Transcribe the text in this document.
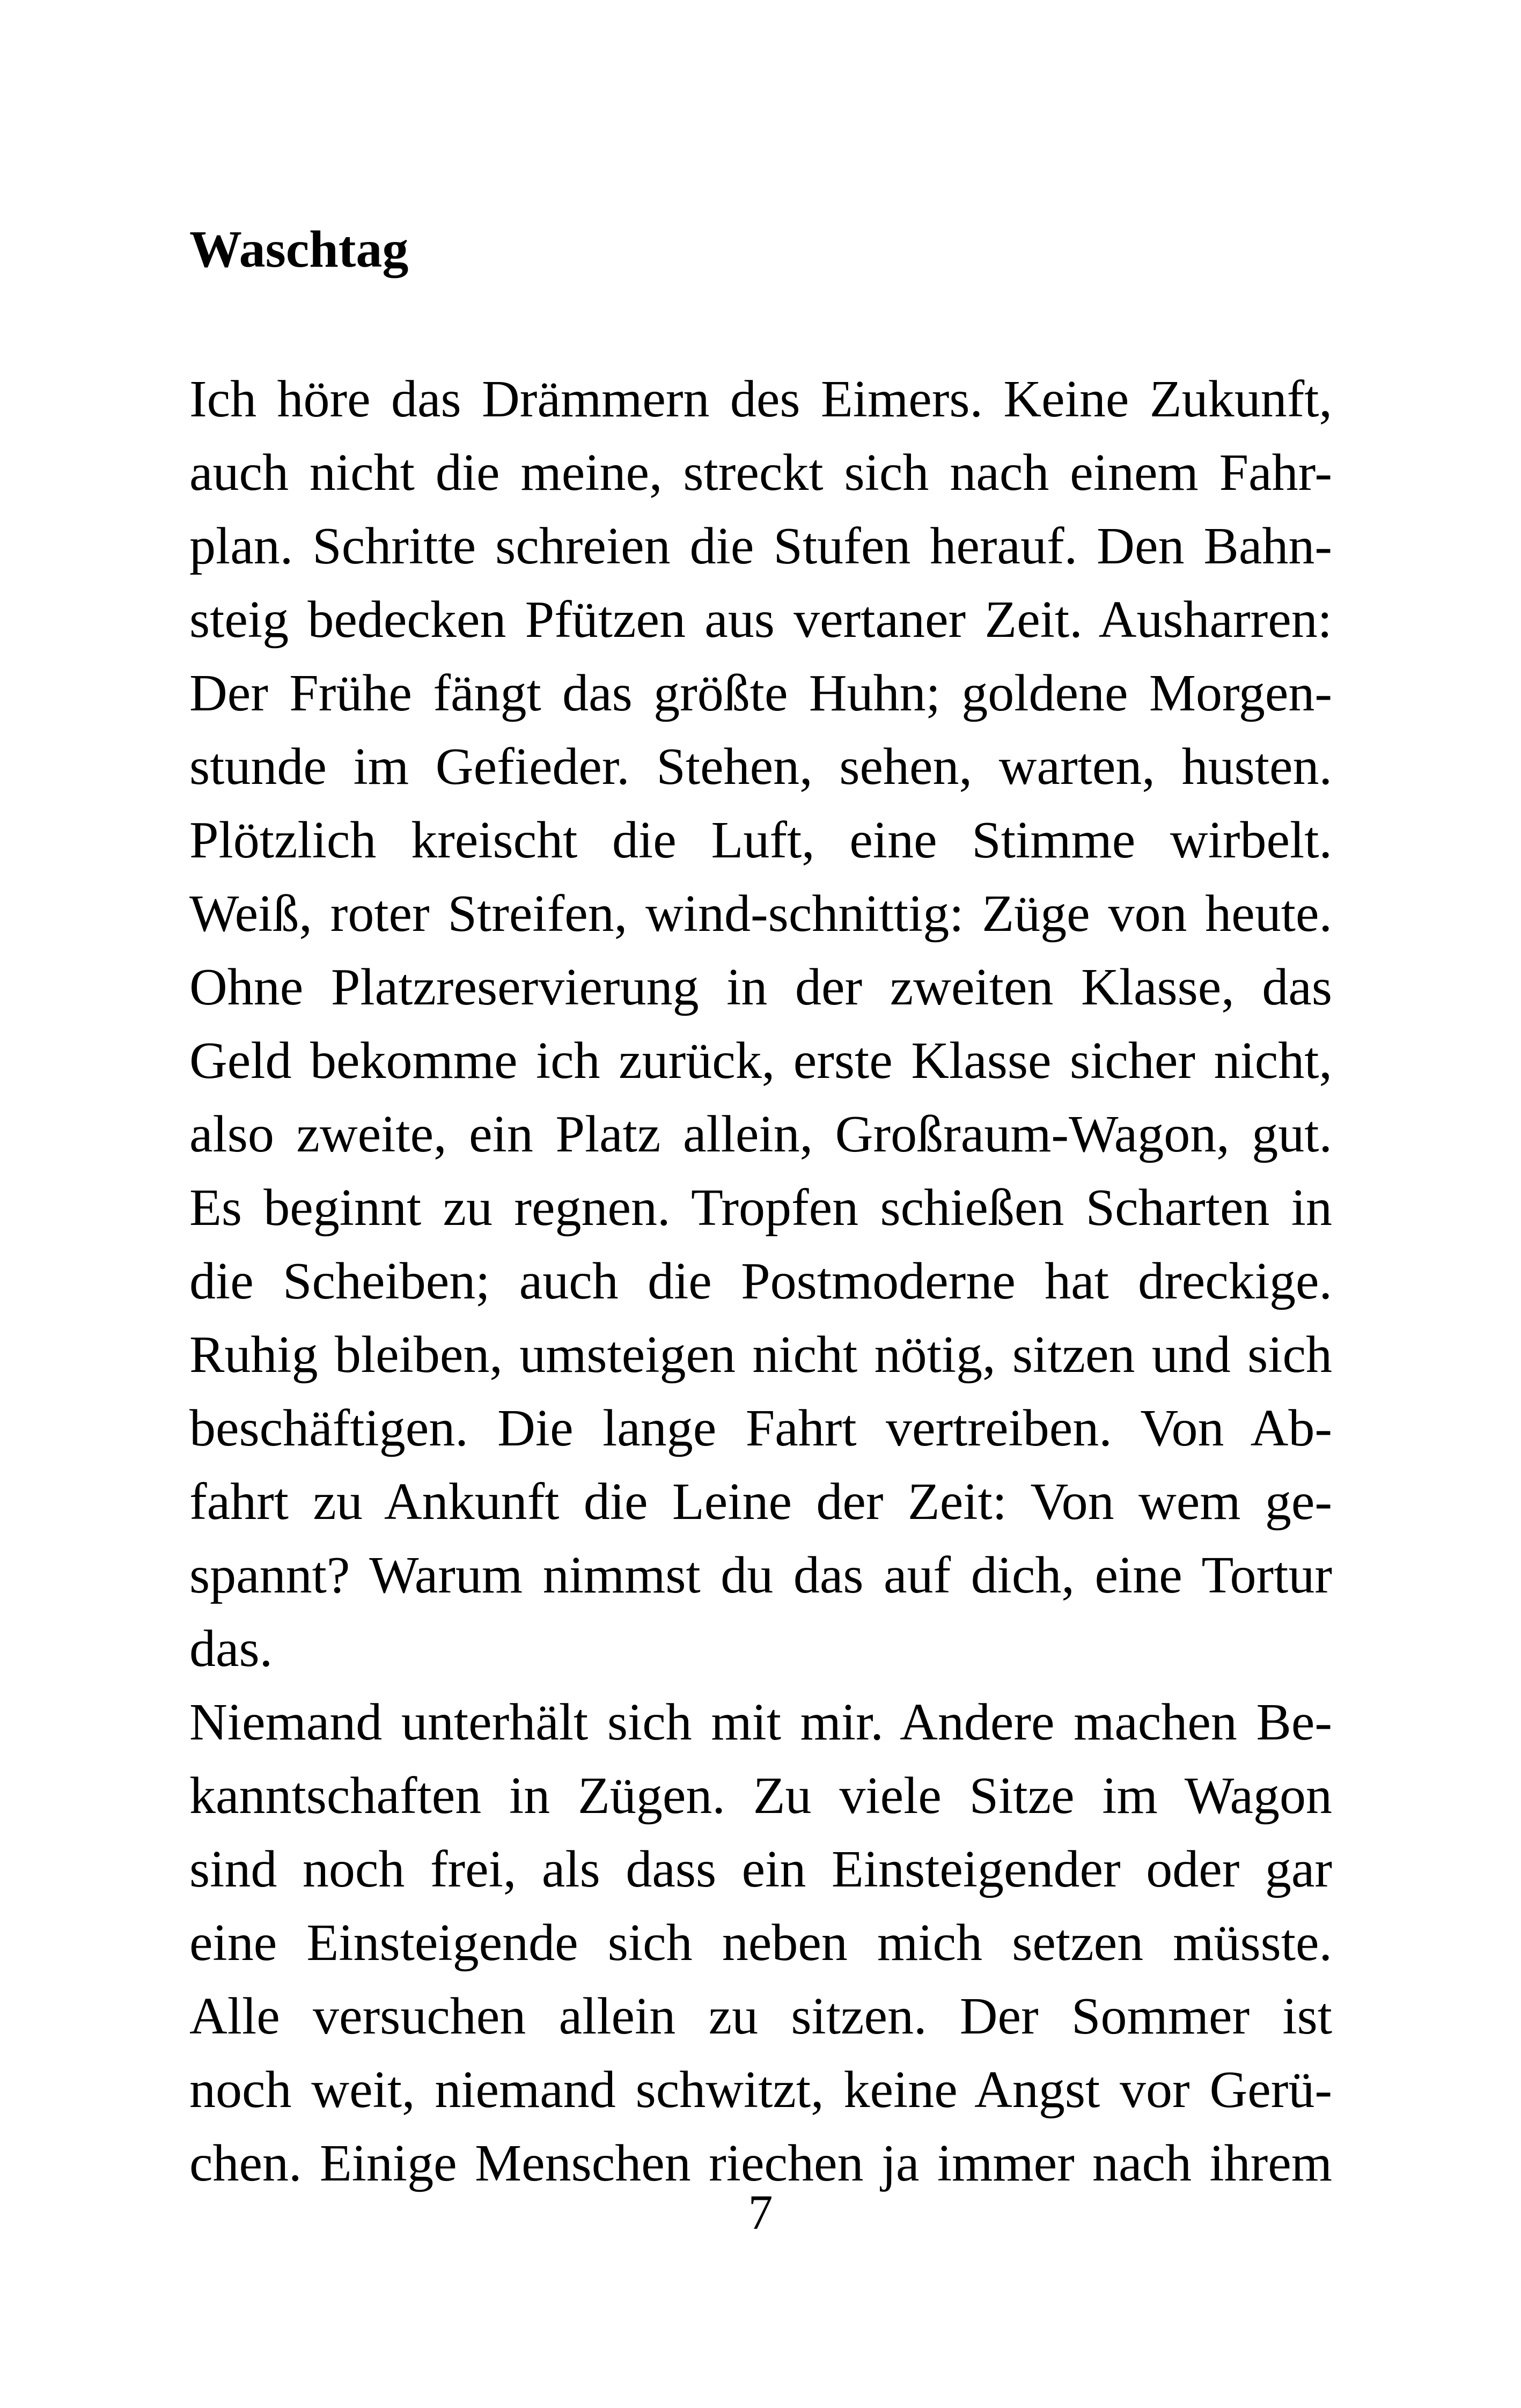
Waschtag
Ich höre das Drämmern des Eimers. Keine Zukunft,
auch nicht die meine, streckt sich nach einem Fahr-
plan. Schritte schreien die Stufen herauf. Den Bahn-
steig bedecken Pfützen aus vertaner Zeit. Ausharren:
Der Frühe fängt das größte Huhn; goldene Morgen-
stunde im Gefieder. Stehen, sehen, warten, husten.
Plötzlich kreischt die Luft, eine Stimme wirbelt.
Weiß, roter Streifen, wind-schnittig: Züge von heute.
Ohne Platzreservierung in der zweiten Klasse, das
Geld bekomme ich zurück, erste Klasse sicher nicht,
also zweite, ein Platz allein, Großraum-Wagon, gut.
Es beginnt zu regnen. Tropfen schießen Scharten in
die Scheiben; auch die Postmoderne hat dreckige.
Ruhig bleiben, umsteigen nicht nötig, sitzen und sich
beschäftigen. Die lange Fahrt vertreiben. Von Ab-
fahrt zu Ankunft die Leine der Zeit: Von wem ge-
spannt? Warum nimmst du das auf dich, eine Tortur
das.
Niemand unterhält sich mit mir. Andere machen Be-
kanntschaften in Zügen. Zu viele Sitze im Wagon
sind noch frei, als dass ein Einsteigender oder gar
eine Einsteigende sich neben mich setzen müsste.
Alle versuchen allein zu sitzen. Der Sommer ist
noch weit, niemand schwitzt, keine Angst vor Gerü-
chen. Einige Menschen riechen ja immer nach ihrem
7
